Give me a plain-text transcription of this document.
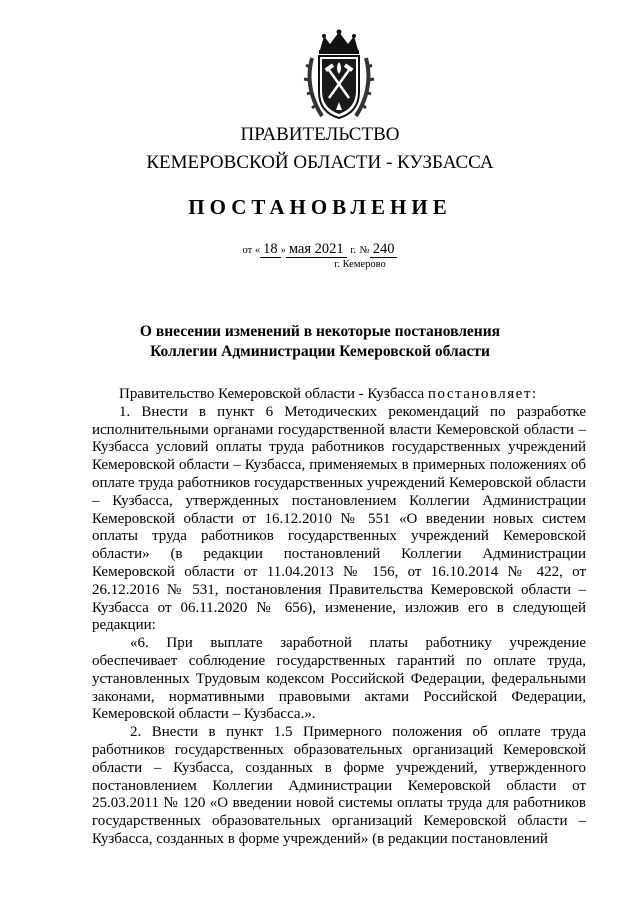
ПРАВИТЕЛЬСТВО
КЕМЕРОВСКОЙ ОБЛАСТИ - КУЗБАССА
ПОСТАНОВЛЕНИЕ
от « 18 » мая 2021 г. № 240
г. Кемерово
О внесении изменений в некоторые постановления
Коллегии Администрации Кемеровской области

Правительство Кемеровской области - Кузбасса постановляет:

1. Внести в пункт 6 Методических рекомендаций по разработке исполнительными органами государственной власти Кемеровской области – Кузбасса условий оплаты труда работников государственных учреждений Кемеровской области – Кузбасса, применяемых в примерных положениях об оплате труда работников государственных учреждений Кемеровской области – Кузбасса, утвержденных постановлением Коллегии Администрации Кемеровской области от 16.12.2010 № 551 «О введении новых систем оплаты труда работников государственных учреждений Кемеровской области» (в редакции постановлений Коллегии Администрации Кемеровской области от 11.04.2013 № 156, от 16.10.2014 № 422, от 26.12.2016 № 531, постановления Правительства Кемеровской области – Кузбасса от 06.11.2020 № 656), изменение, изложив его в следующей редакции:

«6. При выплате заработной платы работнику учреждение обеспечивает соблюдение государственных гарантий по оплате труда, установленных Трудовым кодексом Российской Федерации, федеральными законами, нормативными правовыми актами Российской Федерации, Кемеровской области – Кузбасса.».

2. Внести в пункт 1.5 Примерного положения об оплате труда работников государственных образовательных организаций Кемеровской области – Кузбасса, созданных в форме учреждений, утвержденного постановлением Коллегии Администрации Кемеровской области от 25.03.2011 № 120 «О введении новой системы оплаты труда для работников государственных образовательных организаций Кемеровской области – Кузбасса, созданных в форме учреждений» (в редакции постановлений
